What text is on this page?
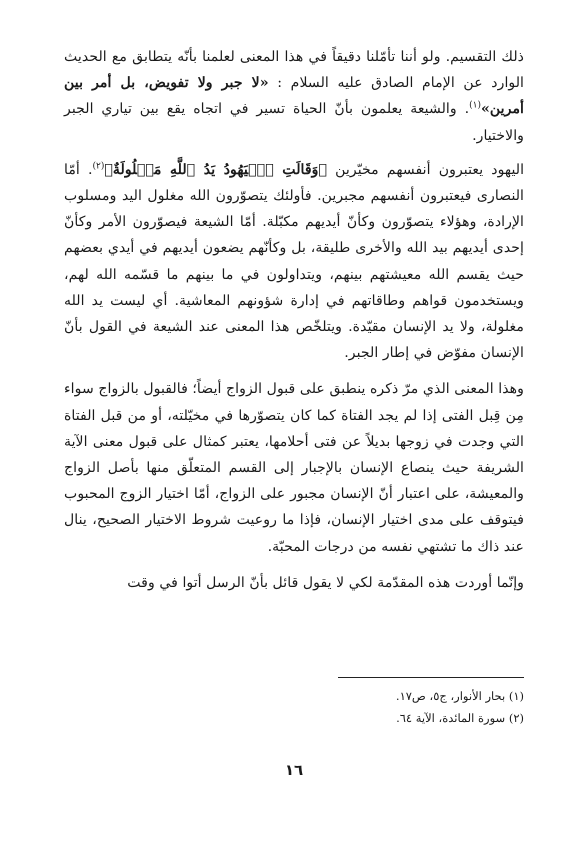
ذلك التقسيم. ولو أننا تأمّلنا دقيقاً في هذا المعنى لعلمنا بأنّه يتطابق مع الحديث الوارد عن الإمام الصادق عليه السلام : «لا جبر ولا تفويض، بل أمر بين أمرين»$^{(١)}$. والشيعة يعلمون بأنّ الحياة تسير في اتجاه يقع بين تياري الجبر والاختيار.

اليهود يعتبرون أنفسهم مخيّرين ﴿وَقَالَتِ ٱلۡيَهُودُ يَدُ ٱللَّهِ مَغۡلُولَةٌ﴾$^{(٢)}$. أمّا النصارى فيعتبرون أنفسهم مجبرين. فأولئك يتصوّرون الله مغلول اليد ومسلوب الإرادة، وهؤلاء يتصوّرون وكأنّ أيديهم مكبّلة. أمّا الشيعة فيصوّرون الأمر وكأنّ إحدى أيديهم بيد الله والأخرى طليقة، بل وكأنّهم يضعون أيديهم في أيدي بعضهم حيث يقسم الله معيشتهم بينهم، ويتداولون في ما بينهم ما قسّمه الله لهم، ويستخدمون قواهم وطاقاتهم في إدارة شؤونهم المعاشية. أي ليست يد الله مغلولة، ولا يد الإنسان مقيّدة. ويتلخّص هذا المعنى عند الشيعة في القول بأنّ الإنسان مفوّض في إطار الجبر.

وهذا المعنى الذي مرّ ذكره ينطبق على قبول الزواج أيضاً؛ فالقبول بالزواج سواء مِن قِبل الفتى إذا لم يجد الفتاة كما كان يتصوّرها في مخيّلته، أو من قبل الفتاة التي وجدت في زوجها بديلاً عن فتى أحلامها، يعتبر كمثال على قبول معنى الآية الشريفة حيث ينصاع الإنسان بالإجبار إلى القسم المتعلّق منها بأصل الزواج والمعيشة، على اعتبار أنّ الإنسان مجبور على الزواج، أمّا اختيار الزوج المحبوب فيتوقف على مدى اختيار الإنسان، فإذا ما روعيت شروط الاختيار الصحيح، ينال عند ذاك ما تشتهي نفسه من درجات المحبّة.

وإنّما أوردت هذه المقدّمة لكي لا يقول قائل بأنّ الرسل أتوا في وقت

(١) بحار الأنوار، ج٥، ص١٧.

(٢) سورة المائدة، الآية ٦٤.

١٦
